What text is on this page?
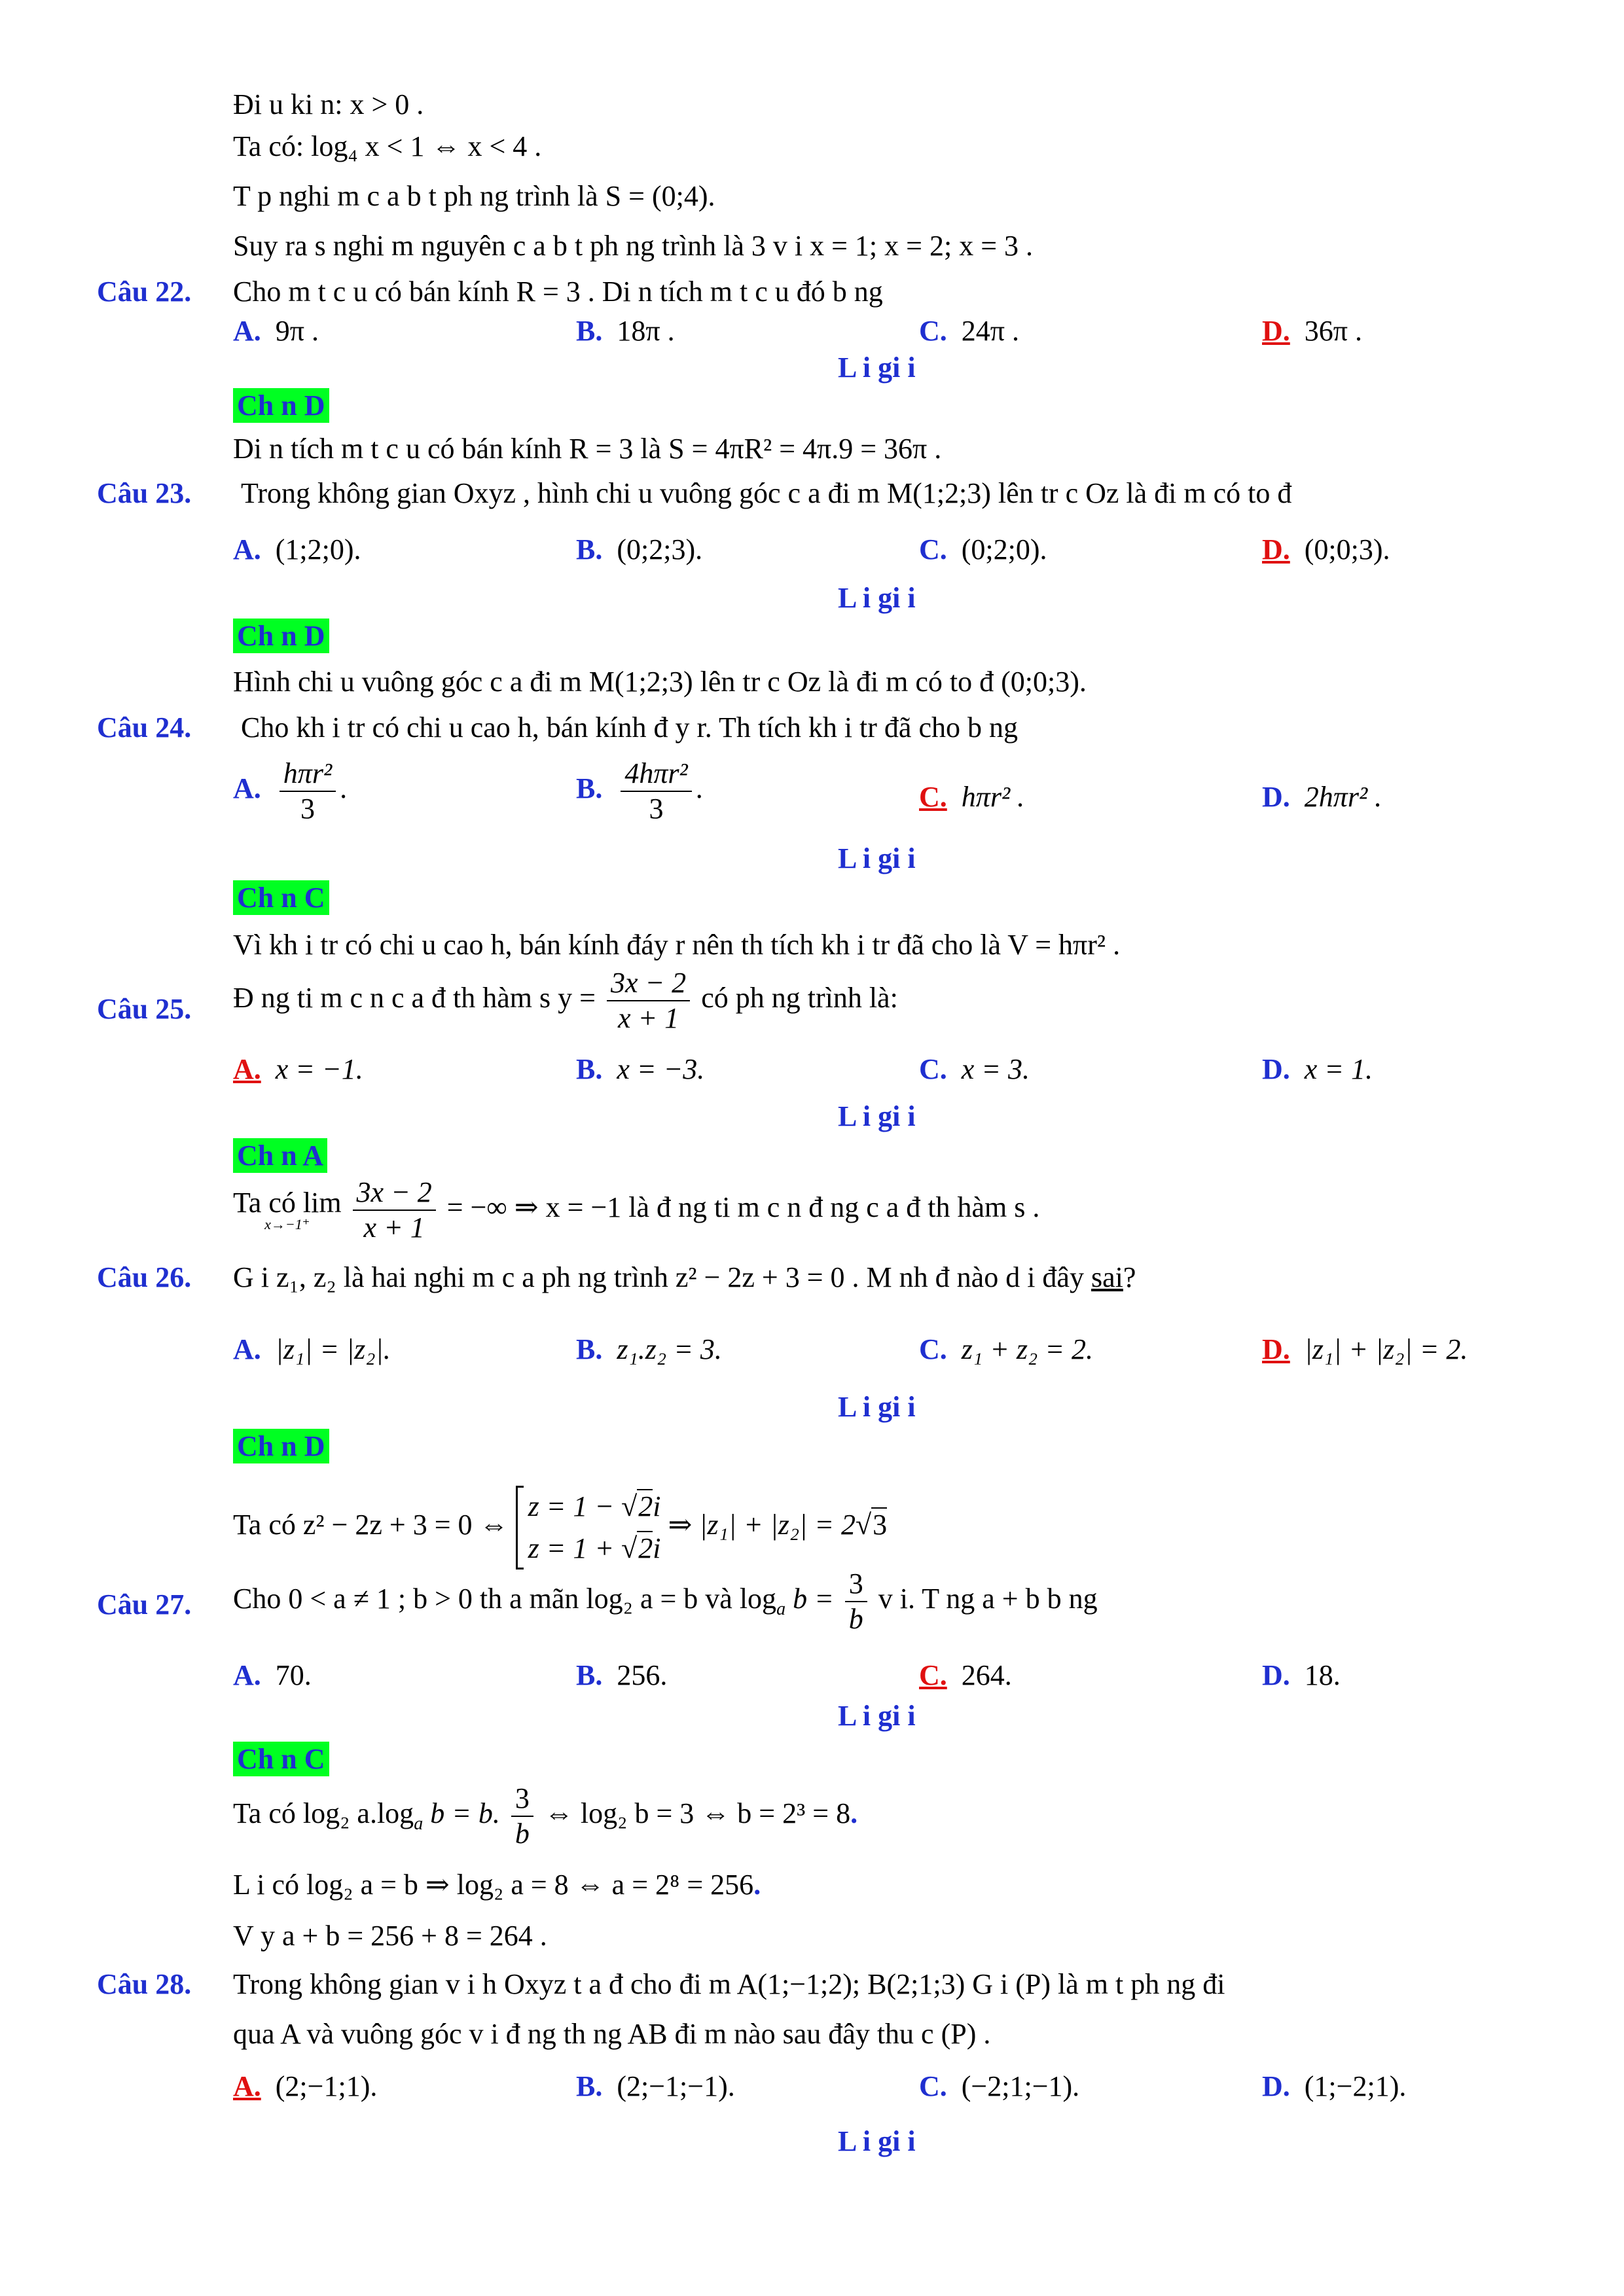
Đi u ki n: x > 0 .
Ta có: log₄ x < 1 ⇔ x < 4 .
T p nghi m c a b t ph ng trình là S = (0;4).
Suy ra s nghi m nguyên c a b t ph ng trình là 3 v i x = 1; x = 2; x = 3 .
Câu 22. Cho m t c u có bán kính R = 3 . Di n tích m t c u đó b ng
A. 9π .	B. 18π .	C. 24π .	D. 36π .
L i gi i
Ch n D
Di n tích m t c u có bán kính R = 3 là S = 4πR² = 4π.9 = 36π .
Câu 23. Trong không gian Oxyz , hình chi u vuông góc c a đi m M(1;2;3) lên tr c Oz là đi m có to đ
A. (1;2;0).	B. (0;2;3).	C. (0;2;0).	D. (0;0;3).
L i gi i
Ch n D
Hình chi u vuông góc c a đi m M(1;2;3) lên tr c Oz là đi m có to đ (0;0;3).
Câu 24. Cho kh i tr có chi u cao h, bán kính đ y r. Th tích kh i tr đã cho b ng
A. $\frac{\text{hπr²}}{3}$ .	B. $\frac{\text{4hπr²}}{3}$ .	C. hπr² .	D. 2hπr² .
L i gi i
Ch n C
Vì kh i tr có chi u cao h, bán kính đáy r nên th tích kh i tr đã cho là V = hπr² .
Câu 25. Đ ng ti m c n c a đ th hàm s $y = \frac{3x - 2}{x + 1}$ có ph ng trình là:
A. x = −1.	B. x = −3.	C. x = 3.	D. x = 1.
L i gi i
Ch n A
Ta có lim
x→−1⁺
$\frac{3x - 2}{x + 1}$ = −∞ ⇒ x = −1 là đ ng ti m c n đ ng c a đ th hàm s .
Câu 26. G i z₁, z₂ là hai nghi m c a ph ng trình z² − 2z + 3 = 0 . M nh đ nào d i đây sai?
A. |z₁| = |z₂|.	B. z₁.z₂ = 3.	C. z₁ + z₂ = 2.	D. |z₁| + |z₂| = 2.
L i gi i
Ch n D
Ta có z² − 2z + 3 = 0 ⇔ z = 1 − √2i
z = 1 + √2i ⇒ |z₁| + |z₂| = 2√3
Câu 27. Cho 0 < a ≠ 1 ; b > 0 th a mãn log₂ a = b và $\log_a b = \frac{3}{b}$ v i. T ng a + b b ng
A. 70.	B. 256.	C. 264.	D. 18.
L i gi i
Ch n C
Ta có log₂ $a.\log_a$ b = b. $\frac{3}{b}$ ⇔ log₂ b = 3 ⇔ b = 2³ = 8.
L i có log₂ a = b ⇒ log₂ a = 8 ⇔ a = 2⁸ = 256.
V y a + b = 256 + 8 = 264 .
Câu 28. Trong không gian v i h Oxyz t a đ cho đi m A(1;−1;2); B(2;1;3) G i (P) là m t ph ng đi
qua A và vuông góc v i đ ng th ng AB đi m nào sau đây thu c (P) .
A. (2;−1;1).	B. (2;−1;−1).	C. (−2;1;−1).	D. (1;−2;1).
L i gi i
